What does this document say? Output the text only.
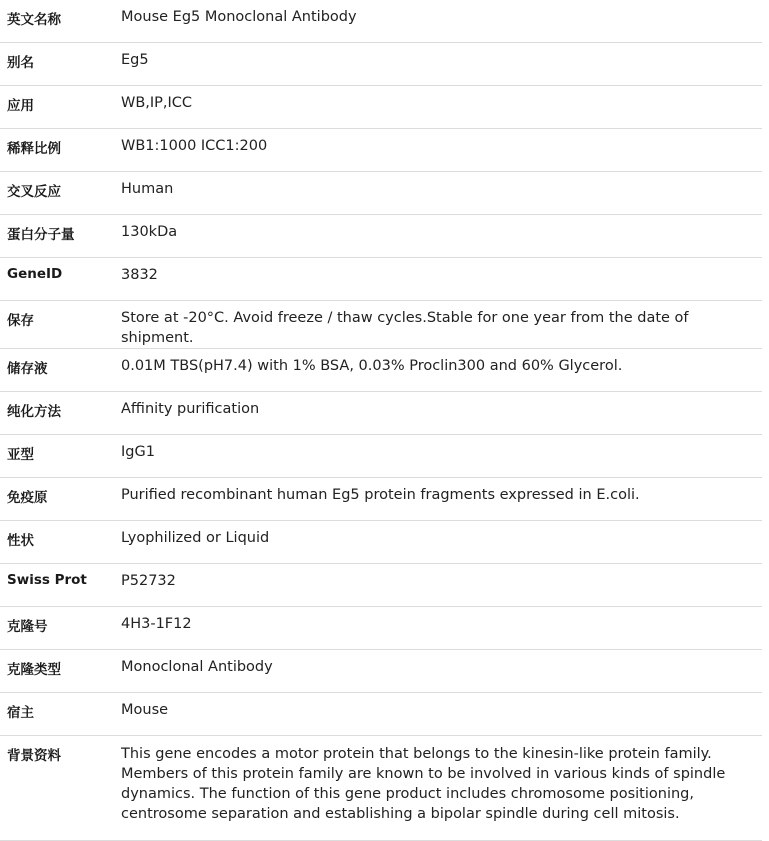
英文名称	Mouse Eg5 Monoclonal Antibody
别名	Eg5
应用	WB,IP,ICC
稀释比例	WB1:1000 ICC1:200
交叉反应	Human
蛋白分子量	130kDa
GeneID	3832
保存	Store at -20°C. Avoid freeze / thaw cycles.Stable for one year from the date of shipment.
储存液	0.01M TBS(pH7.4) with 1% BSA, 0.03% Proclin300 and 60% Glycerol.
纯化方法	Affinity purification
亚型	IgG1
免疫原	Purified recombinant human Eg5 protein fragments expressed in E.coli.
性状	Lyophilized or Liquid
Swiss Prot	P52732
克隆号	4H3-1F12
克隆类型	Monoclonal Antibody
宿主	Mouse
背景资料	This gene encodes a motor protein that belongs to the kinesin-like protein family. Members of this protein family are known to be involved in various kinds of spindle dynamics. The function of this gene product includes chromosome positioning, centrosome separation and establishing a bipolar spindle during cell mitosis.
